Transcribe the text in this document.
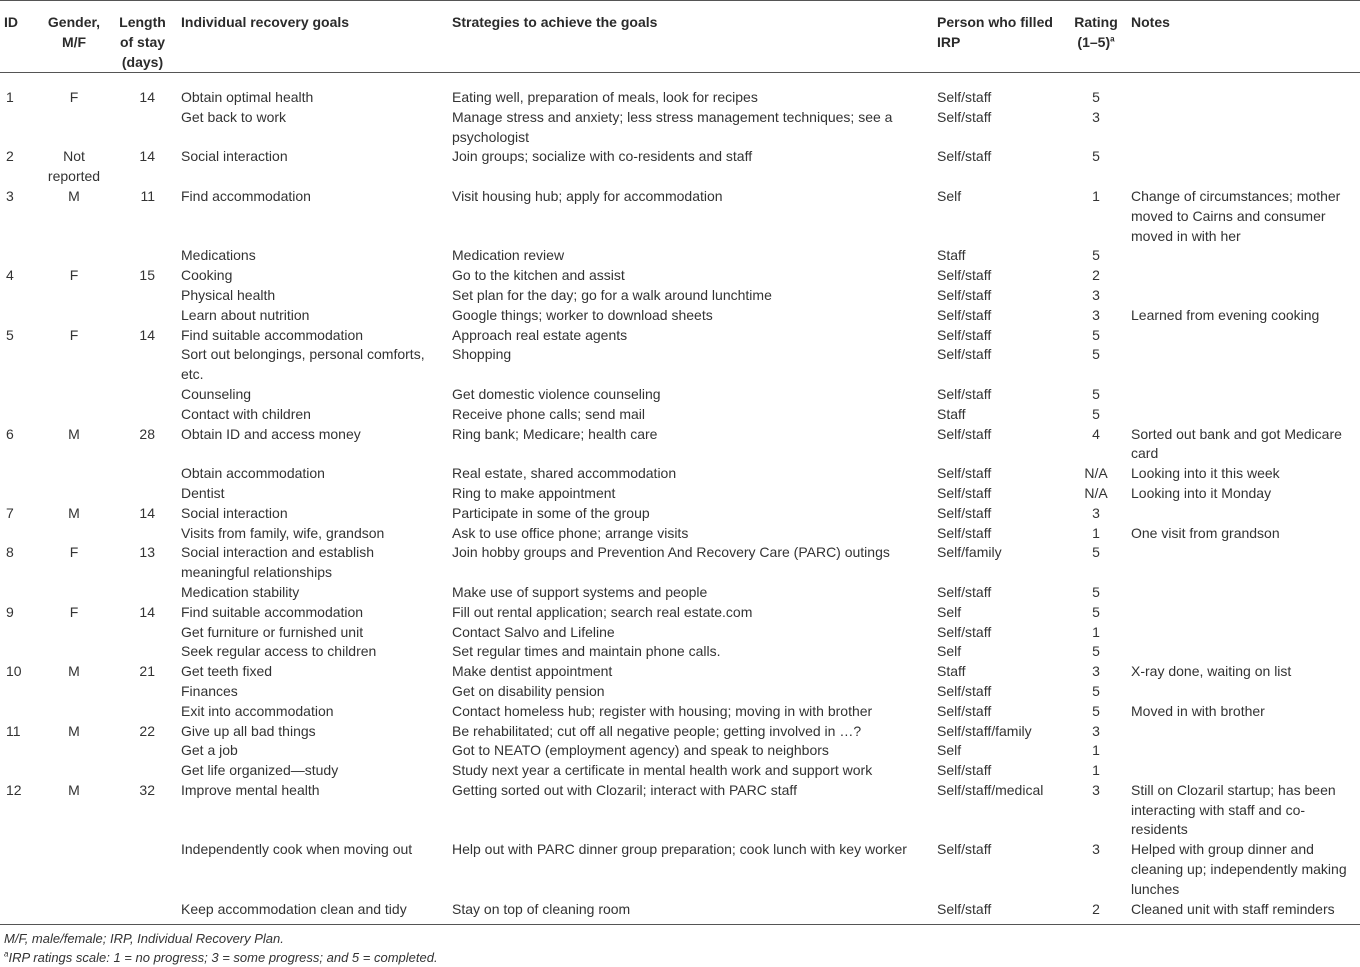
ID	Gender, M/F	Length of stay (days)	Individual recovery goals	Strategies to achieve the goals	Person who filled IRP	Rating $(1-5)^a$	Notes
1	F	14	Obtain optimal health	Eating well, preparation of meals, look for recipes	Self/staff	5	
			Get back to work	Manage stress and anxiety; less stress management techniques; see a psychologist	Self/staff	3	
2	Not reported	14	Social interaction	Join groups; socialize with co-residents and staff	Self/staff	5	
3	M	11	Find accommodation	Visit housing hub; apply for accommodation	Self	1	Change of circumstances; mother moved to Cairns and consumer moved in with her
			Medications	Medication review	Staff	5	
4	F	15	Cooking	Go to the kitchen and assist	Self/staff	2	
			Physical health	Set plan for the day; go for a walk around lunchtime	Self/staff	3	
			Learn about nutrition	Google things; worker to download sheets	Self/staff	3	Learned from evening cooking
5	F	14	Find suitable accommodation	Approach real estate agents	Self/staff	5	
			Sort out belongings, personal comforts, etc.	Shopping	Self/staff	5	
			Counseling	Get domestic violence counseling	Self/staff	5	
			Contact with children	Receive phone calls; send mail	Staff	5	
6	M	28	Obtain ID and access money	Ring bank; Medicare; health care	Self/staff	4	Sorted out bank and got Medicare card
			Obtain accommodation	Real estate, shared accommodation	Self/staff	N/A	Looking into it this week
			Dentist	Ring to make appointment	Self/staff	N/A	Looking into it Monday
7	M	14	Social interaction	Participate in some of the group	Self/staff	3	
			Visits from family, wife, grandson	Ask to use office phone; arrange visits	Self/staff	1	One visit from grandson
8	F	13	Social interaction and establish meaningful relationships	Join hobby groups and Prevention And Recovery Care (PARC) outings	Self/family	5	
			Medication stability	Make use of support systems and people	Self/staff	5	
9	F	14	Find suitable accommodation	Fill out rental application; search real estate.com	Self	5	
			Get furniture or furnished unit	Contact Salvo and Lifeline	Self/staff	1	
			Seek regular access to children	Set regular times and maintain phone calls.	Self	5	
10	M	21	Get teeth fixed	Make dentist appointment	Staff	3	X-ray done, waiting on list
			Finances	Get on disability pension	Self/staff	5	
			Exit into accommodation	Contact homeless hub; register with housing; moving in with brother	Self/staff	5	Moved in with brother
11	M	22	Give up all bad things	Be rehabilitated; cut off all negative people; getting involved in …?	Self/staff/family	3	
			Get a job	Got to NEATO (employment agency) and speak to neighbors	Self	1	
			Get life organized—study	Study next year a certificate in mental health work and support work	Self/staff	1	
12	M	32	Improve mental health	Getting sorted out with Clozaril; interact with PARC staff	Self/staff/medical	3	Still on Clozaril startup; has been interacting with staff and co-residents
			Independently cook when moving out	Help out with PARC dinner group preparation; cook lunch with key worker	Self/staff	3	Helped with group dinner and cleaning up; independently making lunches
			Keep accommodation clean and tidy	Stay on top of cleaning room	Self/staff	2	Cleaned unit with staff reminders
M/F, male/female; IRP, Individual Recovery Plan.
$^a$IRP ratings scale: 1 = no progress; 3 = some progress; and 5 = completed.
